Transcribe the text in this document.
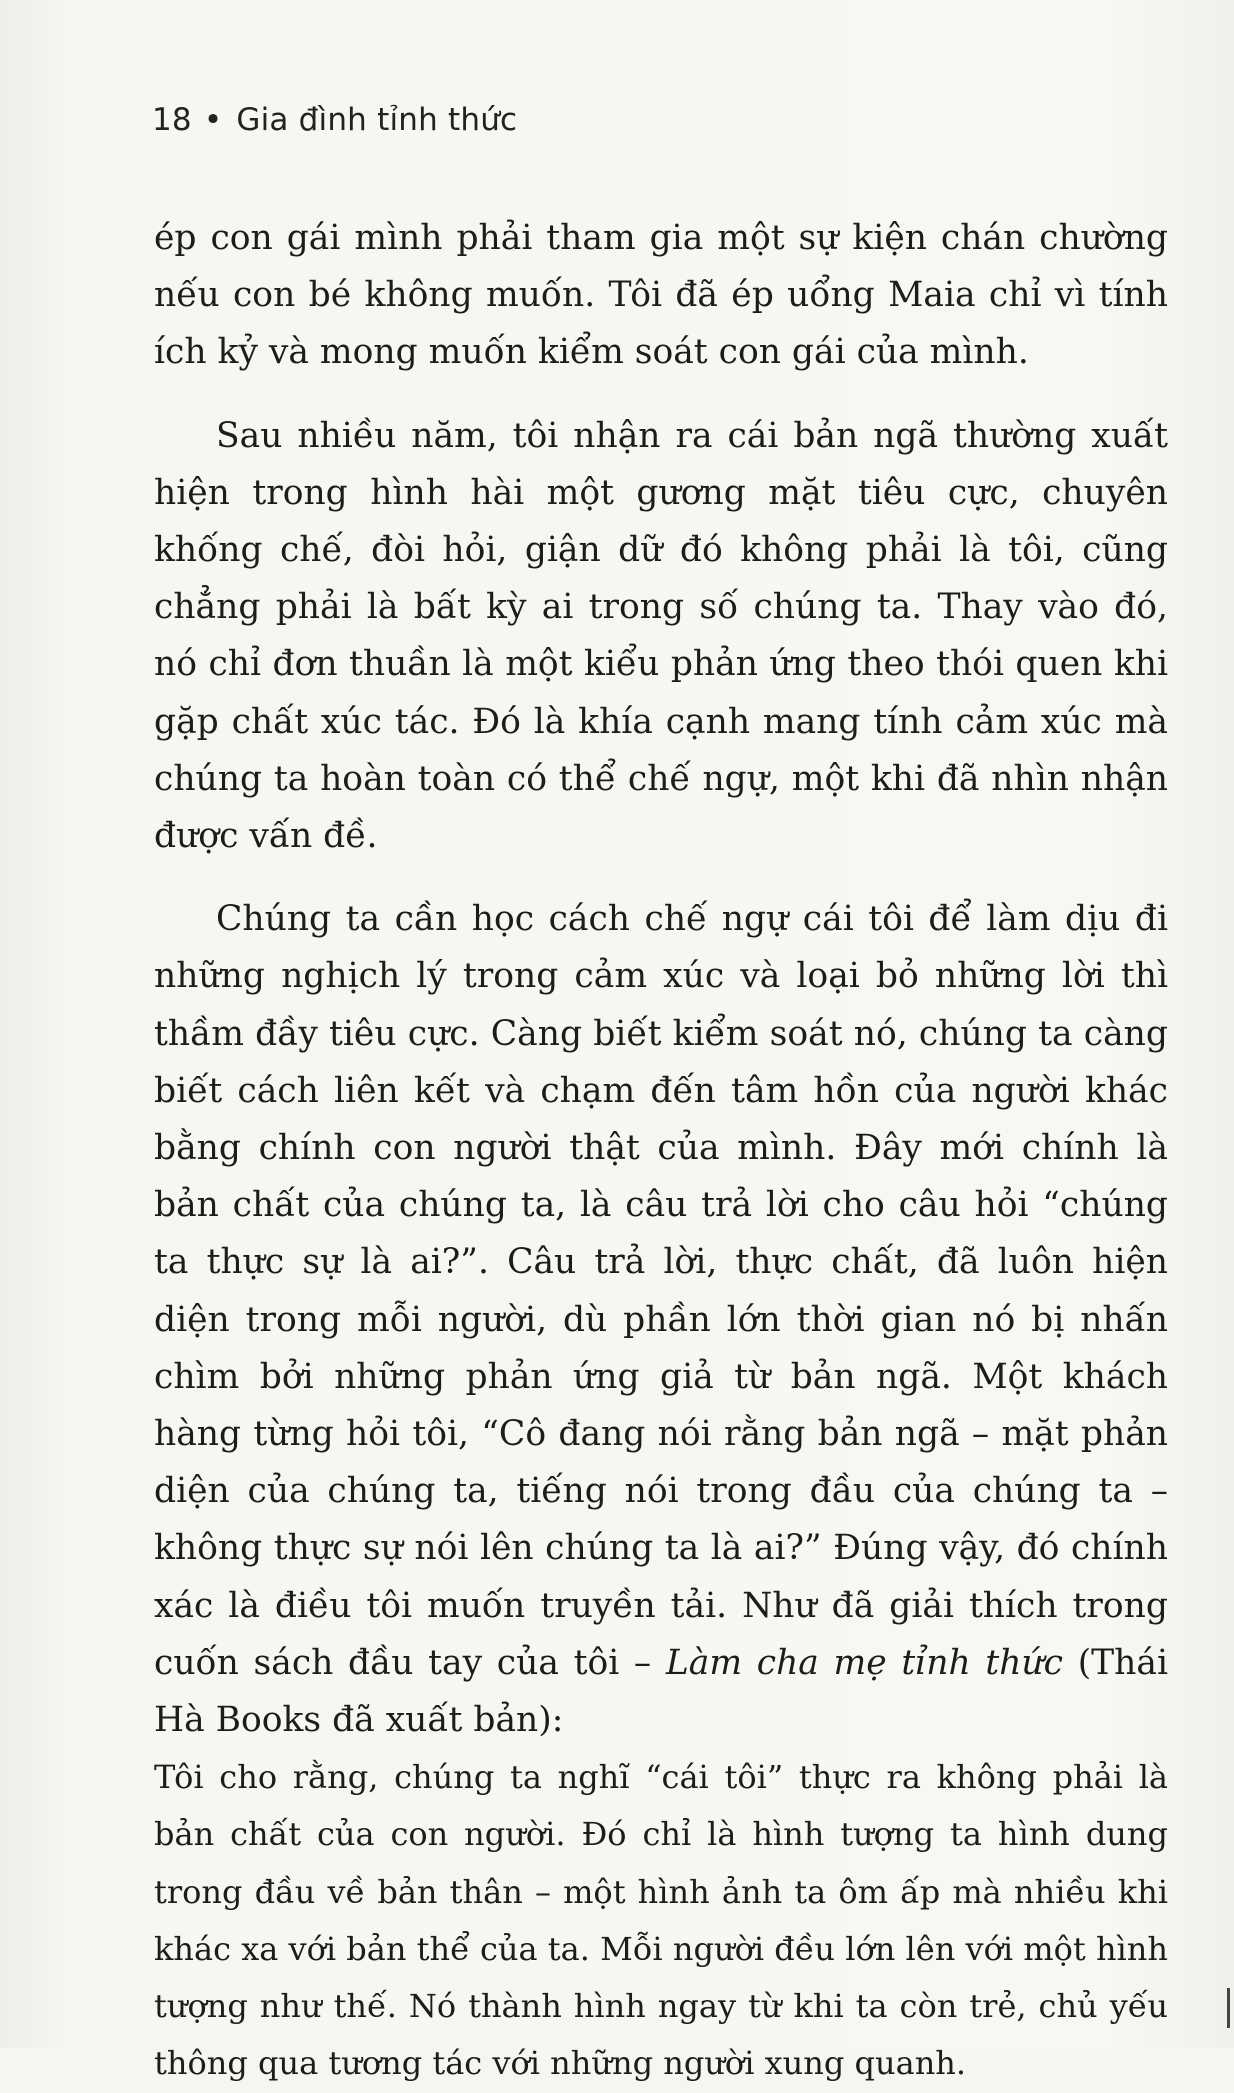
18 • Gia đình tỉnh thức

ép con gái mình phải tham gia một sự kiện chán chường nếu con bé không muốn. Tôi đã ép uổng Maia chỉ vì tính ích kỷ và mong muốn kiểm soát con gái của mình.

Sau nhiều năm, tôi nhận ra cái bản ngã thường xuất hiện trong hình hài một gương mặt tiêu cực, chuyên khống chế, đòi hỏi, giận dữ đó không phải là tôi, cũng chẳng phải là bất kỳ ai trong số chúng ta. Thay vào đó, nó chỉ đơn thuần là một kiểu phản ứng theo thói quen khi gặp chất xúc tác. Đó là khía cạnh mang tính cảm xúc mà chúng ta hoàn toàn có thể chế ngự, một khi đã nhìn nhận được vấn đề.

Chúng ta cần học cách chế ngự cái tôi để làm dịu đi những nghịch lý trong cảm xúc và loại bỏ những lời thì thầm đầy tiêu cực. Càng biết kiểm soát nó, chúng ta càng biết cách liên kết và chạm đến tâm hồn của người khác bằng chính con người thật của mình. Đây mới chính là bản chất của chúng ta, là câu trả lời cho câu hỏi “chúng ta thực sự là ai?”. Câu trả lời, thực chất, đã luôn hiện diện trong mỗi người, dù phần lớn thời gian nó bị nhấn chìm bởi những phản ứng giả từ bản ngã. Một khách hàng từng hỏi tôi, “Cô đang nói rằng bản ngã – mặt phản diện của chúng ta, tiếng nói trong đầu của chúng ta – không thực sự nói lên chúng ta là ai?” Đúng vậy, đó chính xác là điều tôi muốn truyền tải. Như đã giải thích trong cuốn sách đầu tay của tôi – Làm cha mẹ tỉnh thức (Thái Hà Books đã xuất bản):

Tôi cho rằng, chúng ta nghĩ “cái tôi” thực ra không phải là bản chất của con người. Đó chỉ là hình tượng ta hình dung trong đầu về bản thân – một hình ảnh ta ôm ấp mà nhiều khi khác xa với bản thể của ta. Mỗi người đều lớn lên với một hình tượng như thế. Nó thành hình ngay từ khi ta còn trẻ, chủ yếu thông qua tương tác với những người xung quanh.
